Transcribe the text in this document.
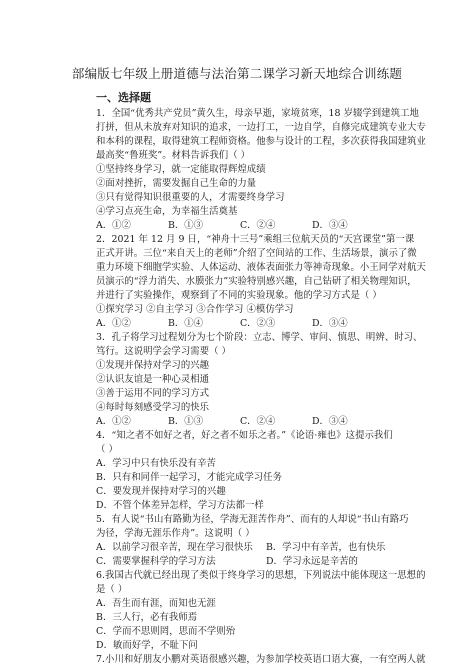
部编版七年级上册道德与法治第二课学习新天地综合训练题
一、选择题
1．全国“优秀共产党员”黄久生，母亲早逝，家境贫寒，18 岁辍学到建筑工地
打拼，但从未放弃对知识的追求，一边打工，一边自学，自修完成建筑专业大专
和本科的课程，取得建筑工程师资格。他参与设计的工程，多次获得我国建筑业
最高奖“鲁班奖”。材料告诉我们（ ）
①坚持终身学习，就一定能取得辉煌成绩
②面对挫折，需要发掘自己生命的力量
③只有觉得知识很重要的人，才需要终身学习
④学习点亮生命，为幸福生活奠基
A．①②	B．①③	C．②④	D．③④
2．2021 年 12 月 9 日，“神舟十三号”乘组三位航天员的“天宫课堂”第一课
正式开讲。三位“来自天上的老师”介绍了空间站的工作、生活场景，演示了微
重力环境下细胞学实验、人体运动、液体表面张力等神奇现象。小王同学对航天
员演示的“浮力消失、水膜张力”实验特别感兴趣，自己钻研了相关物理知识，
并进行了实验操作，观察到了不同的实验现象。他的学习方式是（ ）
①探究学习 ②自主学习 ③合作学习 ④模仿学习
A．①②	B．①④	C．②③	D．③④
3．孔子将学习过程划分为七个阶段：立志、博学、审问、慎思、明辨、时习、
笃行。这说明学会学习需要（ ）
①发现并保持对学习的兴趣
②认识友谊是一种心灵相通
③善于运用不同的学习方式
④每时每刻感受学习的快乐
A．①②	B．①③	C．②④	D．③④
4．“知之者不如好之者，好之者不如乐之者。”《论语·雍也》这提示我们
（ ）
A．学习中只有快乐没有辛苦
B．只有和同伴一起学习，才能完成学习任务
C．要发现并保持对学习的兴趣
D．不管个体差异怎样，学习方法都一样
5．有人说“书山有路勤为径，学海无涯苦作舟”、而有的人却说“书山有路巧
为径，学海无涯乐作舟”。这说明（ ）
A．以前学习很辛苦，现在学习很快乐 B．学习中有辛苦，也有快乐
C．需要掌握科学的学习方法	D．学习永远是辛苦的
6.我国古代就已经出现了类似于终身学习的思想，下列说法中能体现这一思想的
是（ ）
A．吾生而有涯，而知也无涯
B．三人行，必有我师焉
C．学而不思则罔，思而不学则殆
D．敏而好学，不耻下问
7.小川和好朋友小鹏对英语很感兴趣，为参加学校英语口语大赛，一有空两人就
